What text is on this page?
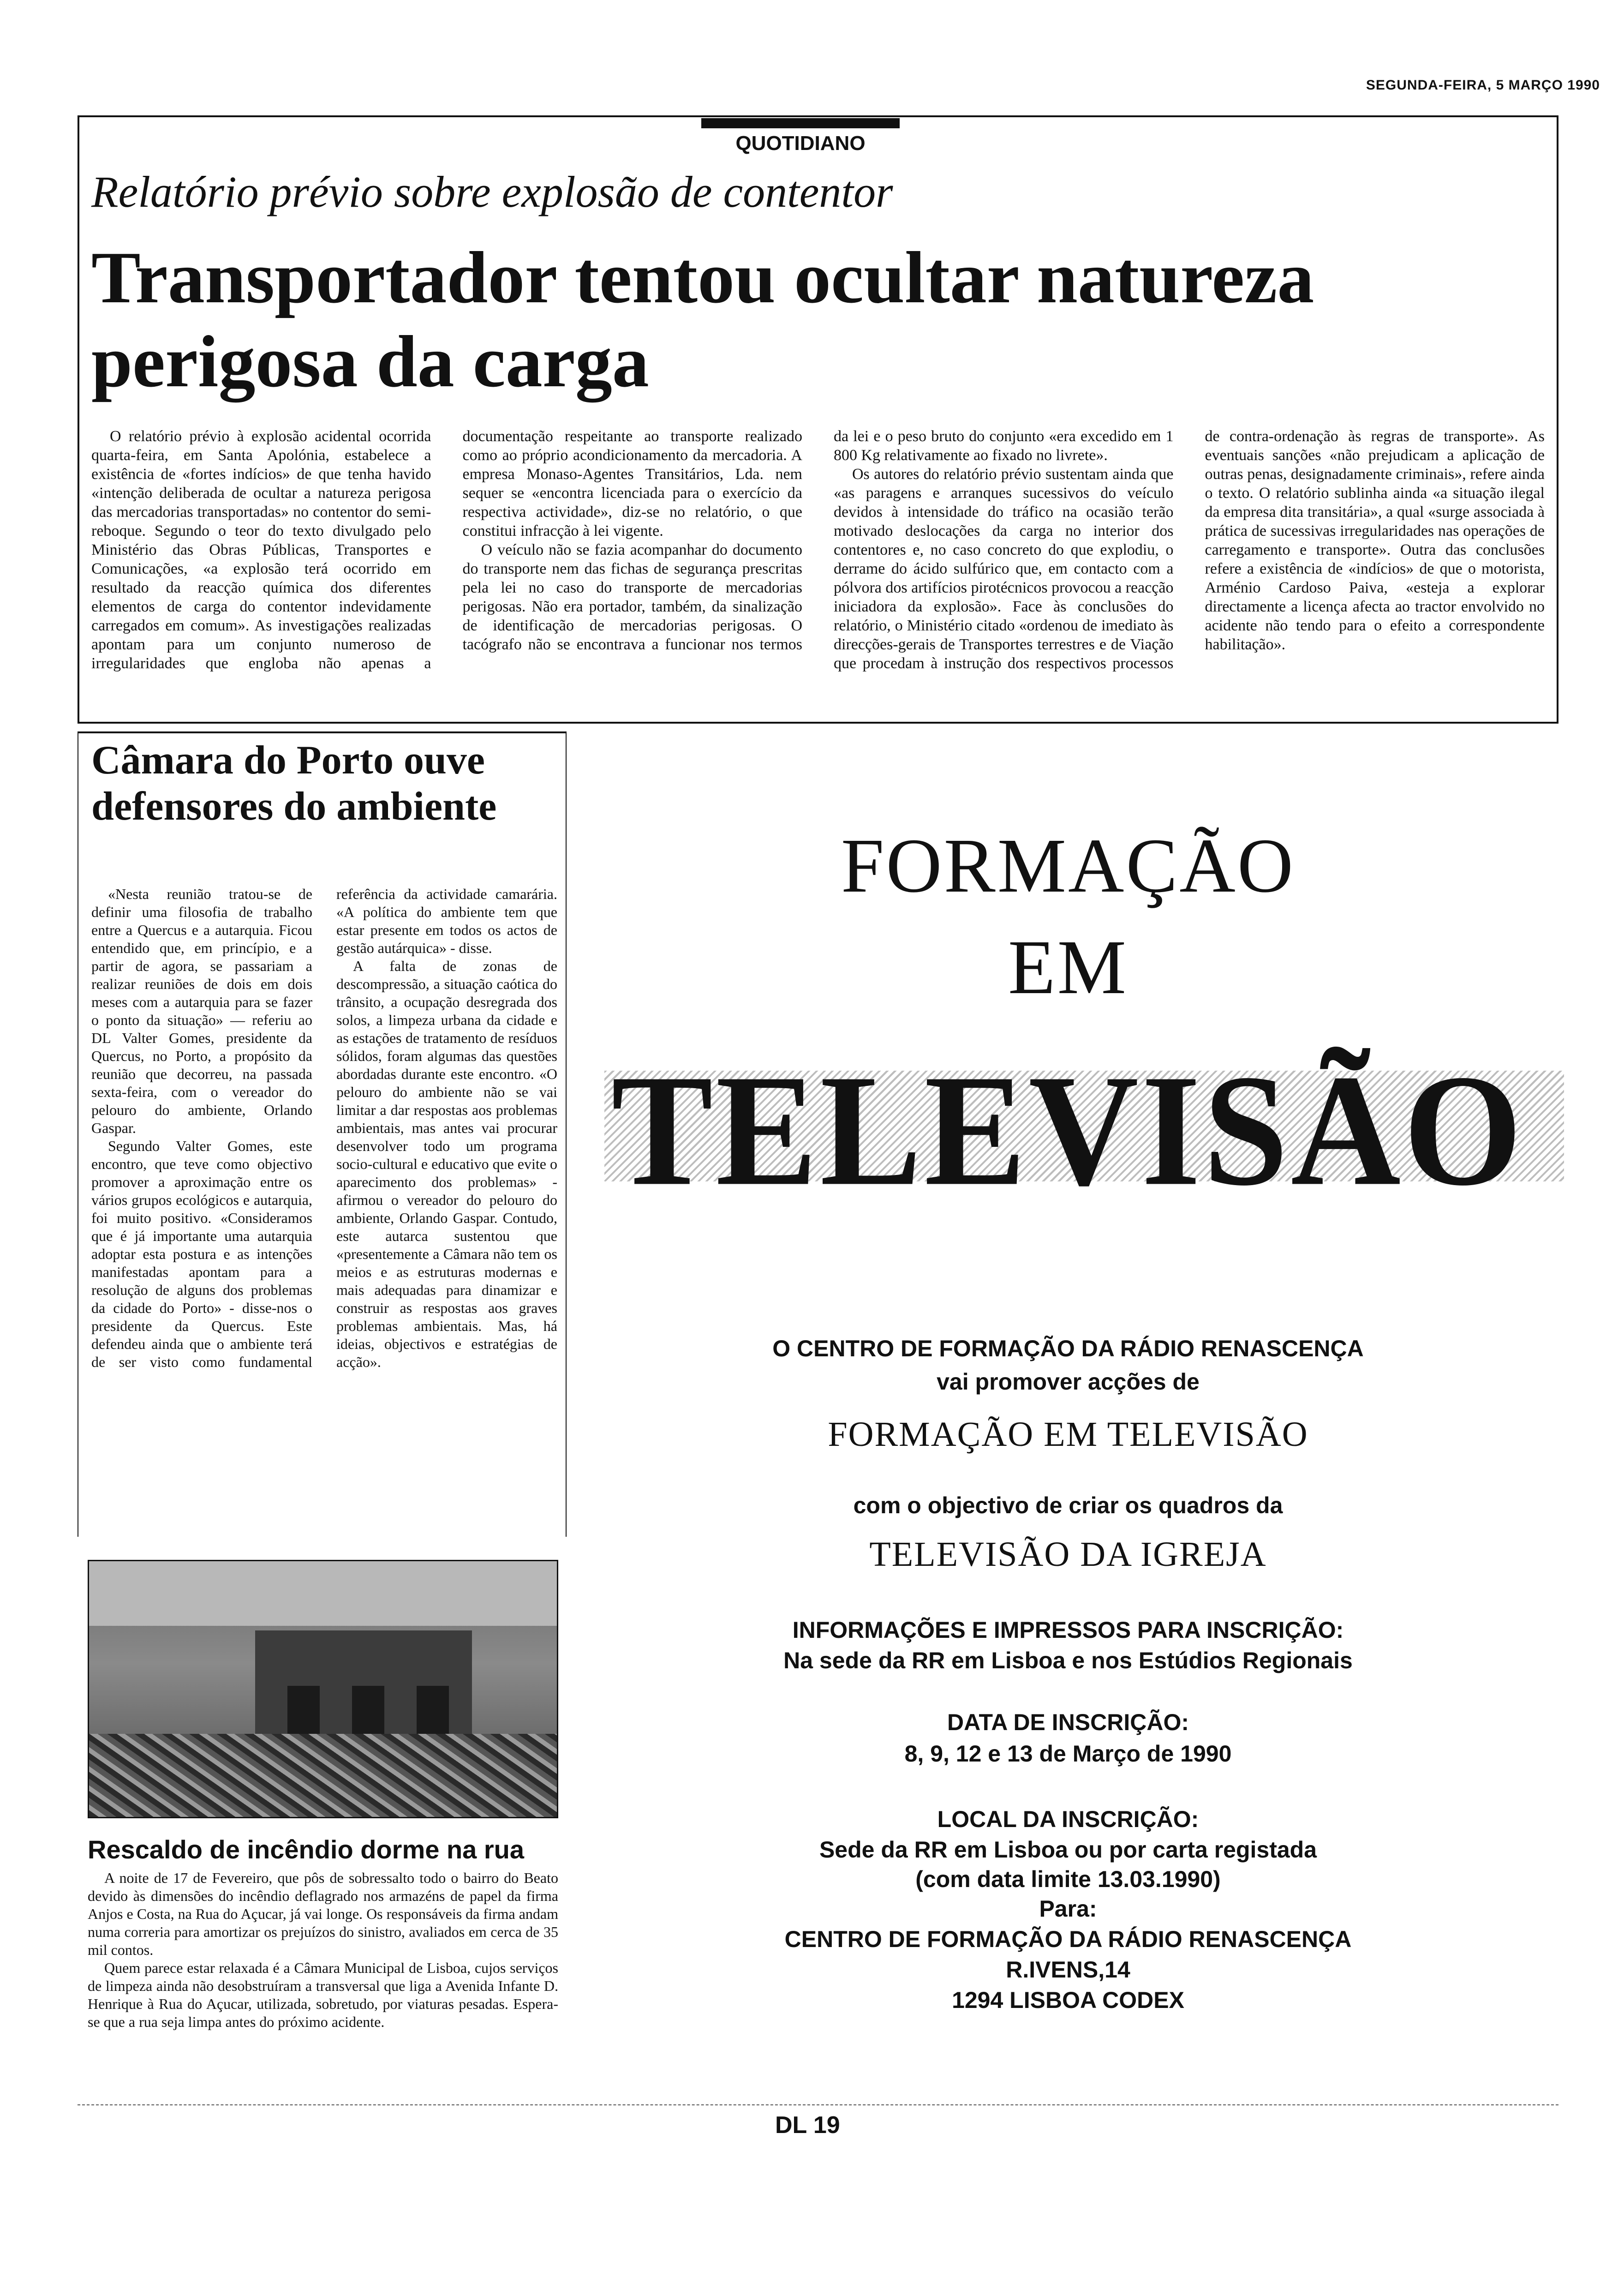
SEGUNDA-FEIRA, 5 MARÇO 1990
QUOTIDIANO
Relatório prévio sobre explosão de contentor
Transportador tentou ocultar natureza perigosa da carga

O relatório prévio à explosão acidental ocorrida quarta-feira, em Santa Apolónia, estabelece a existência de «fortes indícios» de que tenha havido «intenção deliberada de ocultar a natureza perigosa das mercadorias transportadas» no contentor do semi-reboque. Segundo o teor do texto divulgado pelo Ministério das Obras Públicas, Transportes e Comunicações, «a explosão terá ocorrido em resultado da reacção química dos diferentes elementos de carga do contentor indevidamente carregados em comum». As investigações realizadas apontam para um conjunto numeroso de irregularidades que engloba não apenas a documentação respeitante ao transporte realizado como ao próprio acondicionamento da mercadoria. A empresa Monaso-Agentes Transitários, Lda. nem sequer se «encontra licenciada para o exercício da respectiva actividade», diz-se no relatório, o que constitui infracção à lei vigente.

O veículo não se fazia acompanhar do documento do transporte nem das fichas de segurança prescritas pela lei no caso do transporte de mercadorias perigosas. Não era portador, também, da sinalização de identificação de mercadorias perigosas. O tacógrafo não se encontrava a funcionar nos termos da lei e o peso bruto do conjunto «era excedido em 1 800 Kg relativamente ao fixado no livrete».

Os autores do relatório prévio sustentam ainda que «as paragens e arranques sucessivos do veículo devidos à intensidade do tráfico na ocasião terão motivado deslocações da carga no interior dos contentores e, no caso concreto do que explodiu, o derrame do ácido sulfúrico que, em contacto com a pólvora dos artifícios pirotécnicos provocou a reacção iniciadora da explosão». Face às conclusões do relatório, o Ministério citado «ordenou de imediato às direcções-gerais de Transportes terrestres e de Viação que procedam à instrução dos respectivos processos de contra-ordenação às regras de transporte». As eventuais sanções «não prejudicam a aplicação de outras penas, designadamente criminais», refere ainda o texto. O relatório sublinha ainda «a situação ilegal da empresa dita transitária», a qual «surge associada à prática de sucessivas irregularidades nas operações de carregamento e transporte». Outra das conclusões refere a existência de «indícios» de que o motorista, Arménio Cardoso Paiva, «esteja a explorar directamente a licença afecta ao tractor envolvido no acidente não tendo para o efeito a correspondente habilitação».

Câmara do Porto ouve defensores do ambiente

«Nesta reunião tratou-se de definir uma filosofia de trabalho entre a Quercus e a autarquia. Ficou entendido que, em princípio, e a partir de agora, se passariam a realizar reuniões de dois em dois meses com a autarquia para se fazer o ponto da situação» — referiu ao DL Valter Gomes, presidente da Quercus, no Porto, a propósito da reunião que decorreu, na passada sexta-feira, com o vereador do pelouro do ambiente, Orlando Gaspar.

Segundo Valter Gomes, este encontro, que teve como objectivo promover a aproximação entre os vários grupos ecológicos e autarquia, foi muito positivo. «Consideramos que é já importante uma autarquia adoptar esta postura e as intenções manifestadas apontam para a resolução de alguns dos problemas da cidade do Porto» - disse-nos o presidente da Quercus. Este defendeu ainda que o ambiente terá de ser visto como fundamental referência da actividade camarária. «A política do ambiente tem que estar presente em todos os actos de gestão autárquica» - disse.

A falta de zonas de descompressão, a situação caótica do trânsito, a ocupação desregrada dos solos, a limpeza urbana da cidade e as estações de tratamento de resíduos sólidos, foram algumas das questões abordadas durante este encontro. «O pelouro do ambiente não se vai limitar a dar respostas aos problemas ambientais, mas antes vai procurar desenvolver todo um programa socio-cultural e educativo que evite o aparecimento dos problemas» - afirmou o vereador do pelouro do ambiente, Orlando Gaspar. Contudo, este autarca sustentou que «presentemente a Câmara não tem os meios e as estruturas modernas e mais adequadas para dinamizar e construir as respostas aos graves problemas ambientais. Mas, há ideias, objectivos e estratégias de acção».

Rescaldo de incêndio dorme na rua

A noite de 17 de Fevereiro, que pôs de sobressalto todo o bairro do Beato devido às dimensões do incêndio deflagrado nos armazéns de papel da firma Anjos e Costa, na Rua do Açucar, já vai longe. Os responsáveis da firma andam numa correria para amortizar os prejuízos do sinistro, avaliados em cerca de 35 mil contos.

Quem parece estar relaxada é a Câmara Municipal de Lisboa, cujos serviços de limpeza ainda não desobstruíram a transversal que liga a Avenida Infante D. Henrique à Rua do Açucar, utilizada, sobretudo, por viaturas pesadas. Espera-se que a rua seja limpa antes do próximo acidente.

FORMAÇÃO
EM
TELEVISÃO
O CENTRO DE FORMAÇÃO DA RÁDIO RENASCENÇA
vai promover acções de
FORMAÇÃO EM TELEVISÃO
com o objectivo de criar os quadros da
TELEVISÃO DA IGREJA
INFORMAÇÕES E IMPRESSOS PARA INSCRIÇÃO:
Na sede da RR em Lisboa e nos Estúdios Regionais
DATA DE INSCRIÇÃO:
8, 9, 12 e 13 de Março de 1990
LOCAL DA INSCRIÇÃO:
Sede da RR em Lisboa ou por carta registada
(com data limite 13.03.1990)
Para:
CENTRO DE FORMAÇÃO DA RÁDIO RENASCENÇA
R.IVENS,14
1294 LISBOA CODEX
DL 19
